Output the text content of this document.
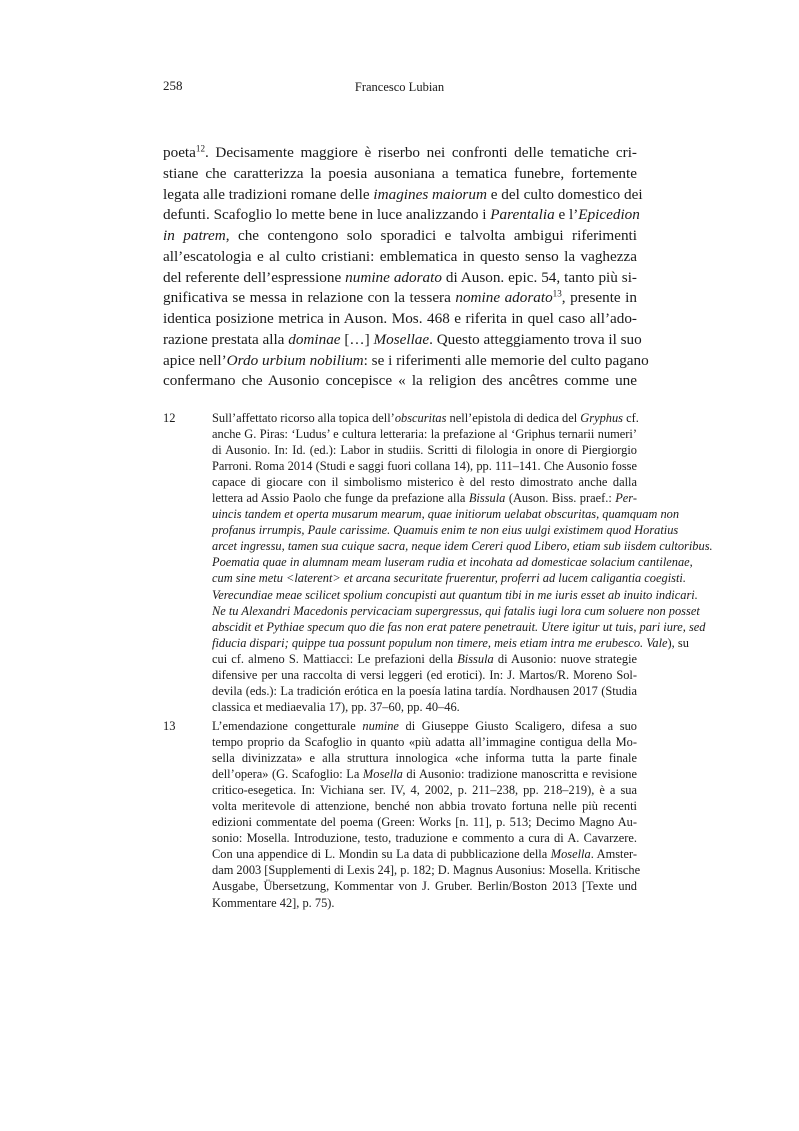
258	Francesco Lubian
poeta$^{12}$. Decisamente maggiore è riserbo nei confronti delle tematiche cri-
stiane che caratterizza la poesia ausoniana a tematica funebre, fortemente
legata alle tradizioni romane delle imagines maiorum e del culto domestico dei
defunti. Scafoglio lo mette bene in luce analizzando i Parentalia e l’Epicedion
in patrem, che contengono solo sporadici e talvolta ambigui riferimenti
all’escatologia e al culto cristiani: emblematica in questo senso la vaghezza
del referente dell’espressione numine adorato di Auson. epic. 54, tanto più si-
gnificativa se messa in relazione con la tessera nomine adorato$^{13}$, presente in
identica posizione metrica in Auson. Mos. 468 e riferita in quel caso all’ado-
razione prestata alla dominae […] Mosellae. Questo atteggiamento trova il suo
apice nell’Ordo urbium nobilium: se i riferimenti alle memorie del culto pagano
confermano che Ausonio concepisce « la religion des ancêtres comme une
12	Sull’affettato ricorso alla topica dell’obscuritas nell’epistola di dedica del Gryphus cf.
anche G. Piras: ‘Ludus’ e cultura letteraria: la prefazione al ‘Griphus ternarii numeri’
di Ausonio. In: Id. (ed.): Labor in studiis. Scritti di filologia in onore di Piergiorgio
Parroni. Roma 2014 (Studi e saggi fuori collana 14), pp. 111–141. Che Ausonio fosse
capace di giocare con il simbolismo misterico è del resto dimostrato anche dalla
lettera ad Assio Paolo che funge da prefazione alla Bissula (Auson. Biss. praef.: Per-
uincis tandem et operta musarum mearum, quae initiorum uelabat obscuritas, quamquam non
profanus irrumpis, Paule carissime. Quamuis enim te non eius uulgi existimem quod Horatius
arcet ingressu, tamen sua cuique sacra, neque idem Cereri quod Libero, etiam sub iisdem cultoribus.
Poematia quae in alumnam meam luseram rudia et incohata ad domesticae solacium cantilenae,
cum sine metu <laterent> et arcana securitate fruerentur, proferri ad lucem caligantia coegisti.
Verecundiae meae scilicet spolium concupisti aut quantum tibi in me iuris esset ab inuito indicari.
Ne tu Alexandri Macedonis pervicaciam supergressus, qui fatalis iugi lora cum soluere non posset
abscidit et Pythiae specum quo die fas non erat patere penetrauit. Utere igitur ut tuis, pari iure, sed
fiducia dispari; quippe tua possunt populum non timere, meis etiam intra me erubesco. Vale), su
cui cf. almeno S. Mattiacci: Le prefazioni della Bissula di Ausonio: nuove strategie
difensive per una raccolta di versi leggeri (ed erotici). In: J. Martos/R. Moreno Sol-
devila (eds.): La tradición erótica en la poesía latina tardía. Nordhausen 2017 (Studia
classica et mediaevalia 17), pp. 37–60, pp. 40–46.
13	L’emendazione congetturale numine di Giuseppe Giusto Scaligero, difesa a suo
tempo proprio da Scafoglio in quanto «più adatta all’immagine contigua della Mo-
sella divinizzata» e alla struttura innologica «che informa tutta la parte finale
dell’opera» (G. Scafoglio: La Mosella di Ausonio: tradizione manoscritta e revisione
critico-esegetica. In: Vichiana ser. IV, 4, 2002, p. 211–238, pp. 218–219), è a sua
volta meritevole di attenzione, benché non abbia trovato fortuna nelle più recenti
edizioni commentate del poema (Green: Works [n. 11], p. 513; Decimo Magno Au-
sonio: Mosella. Introduzione, testo, traduzione e commento a cura di A. Cavarzere.
Con una appendice di L. Mondin su La data di pubblicazione della Mosella. Amster-
dam 2003 [Supplementi di Lexis 24], p. 182; D. Magnus Ausonius: Mosella. Kritische
Ausgabe, Übersetzung, Kommentar von J. Gruber. Berlin/Boston 2013 [Texte und
Kommentare 42], p. 75).
